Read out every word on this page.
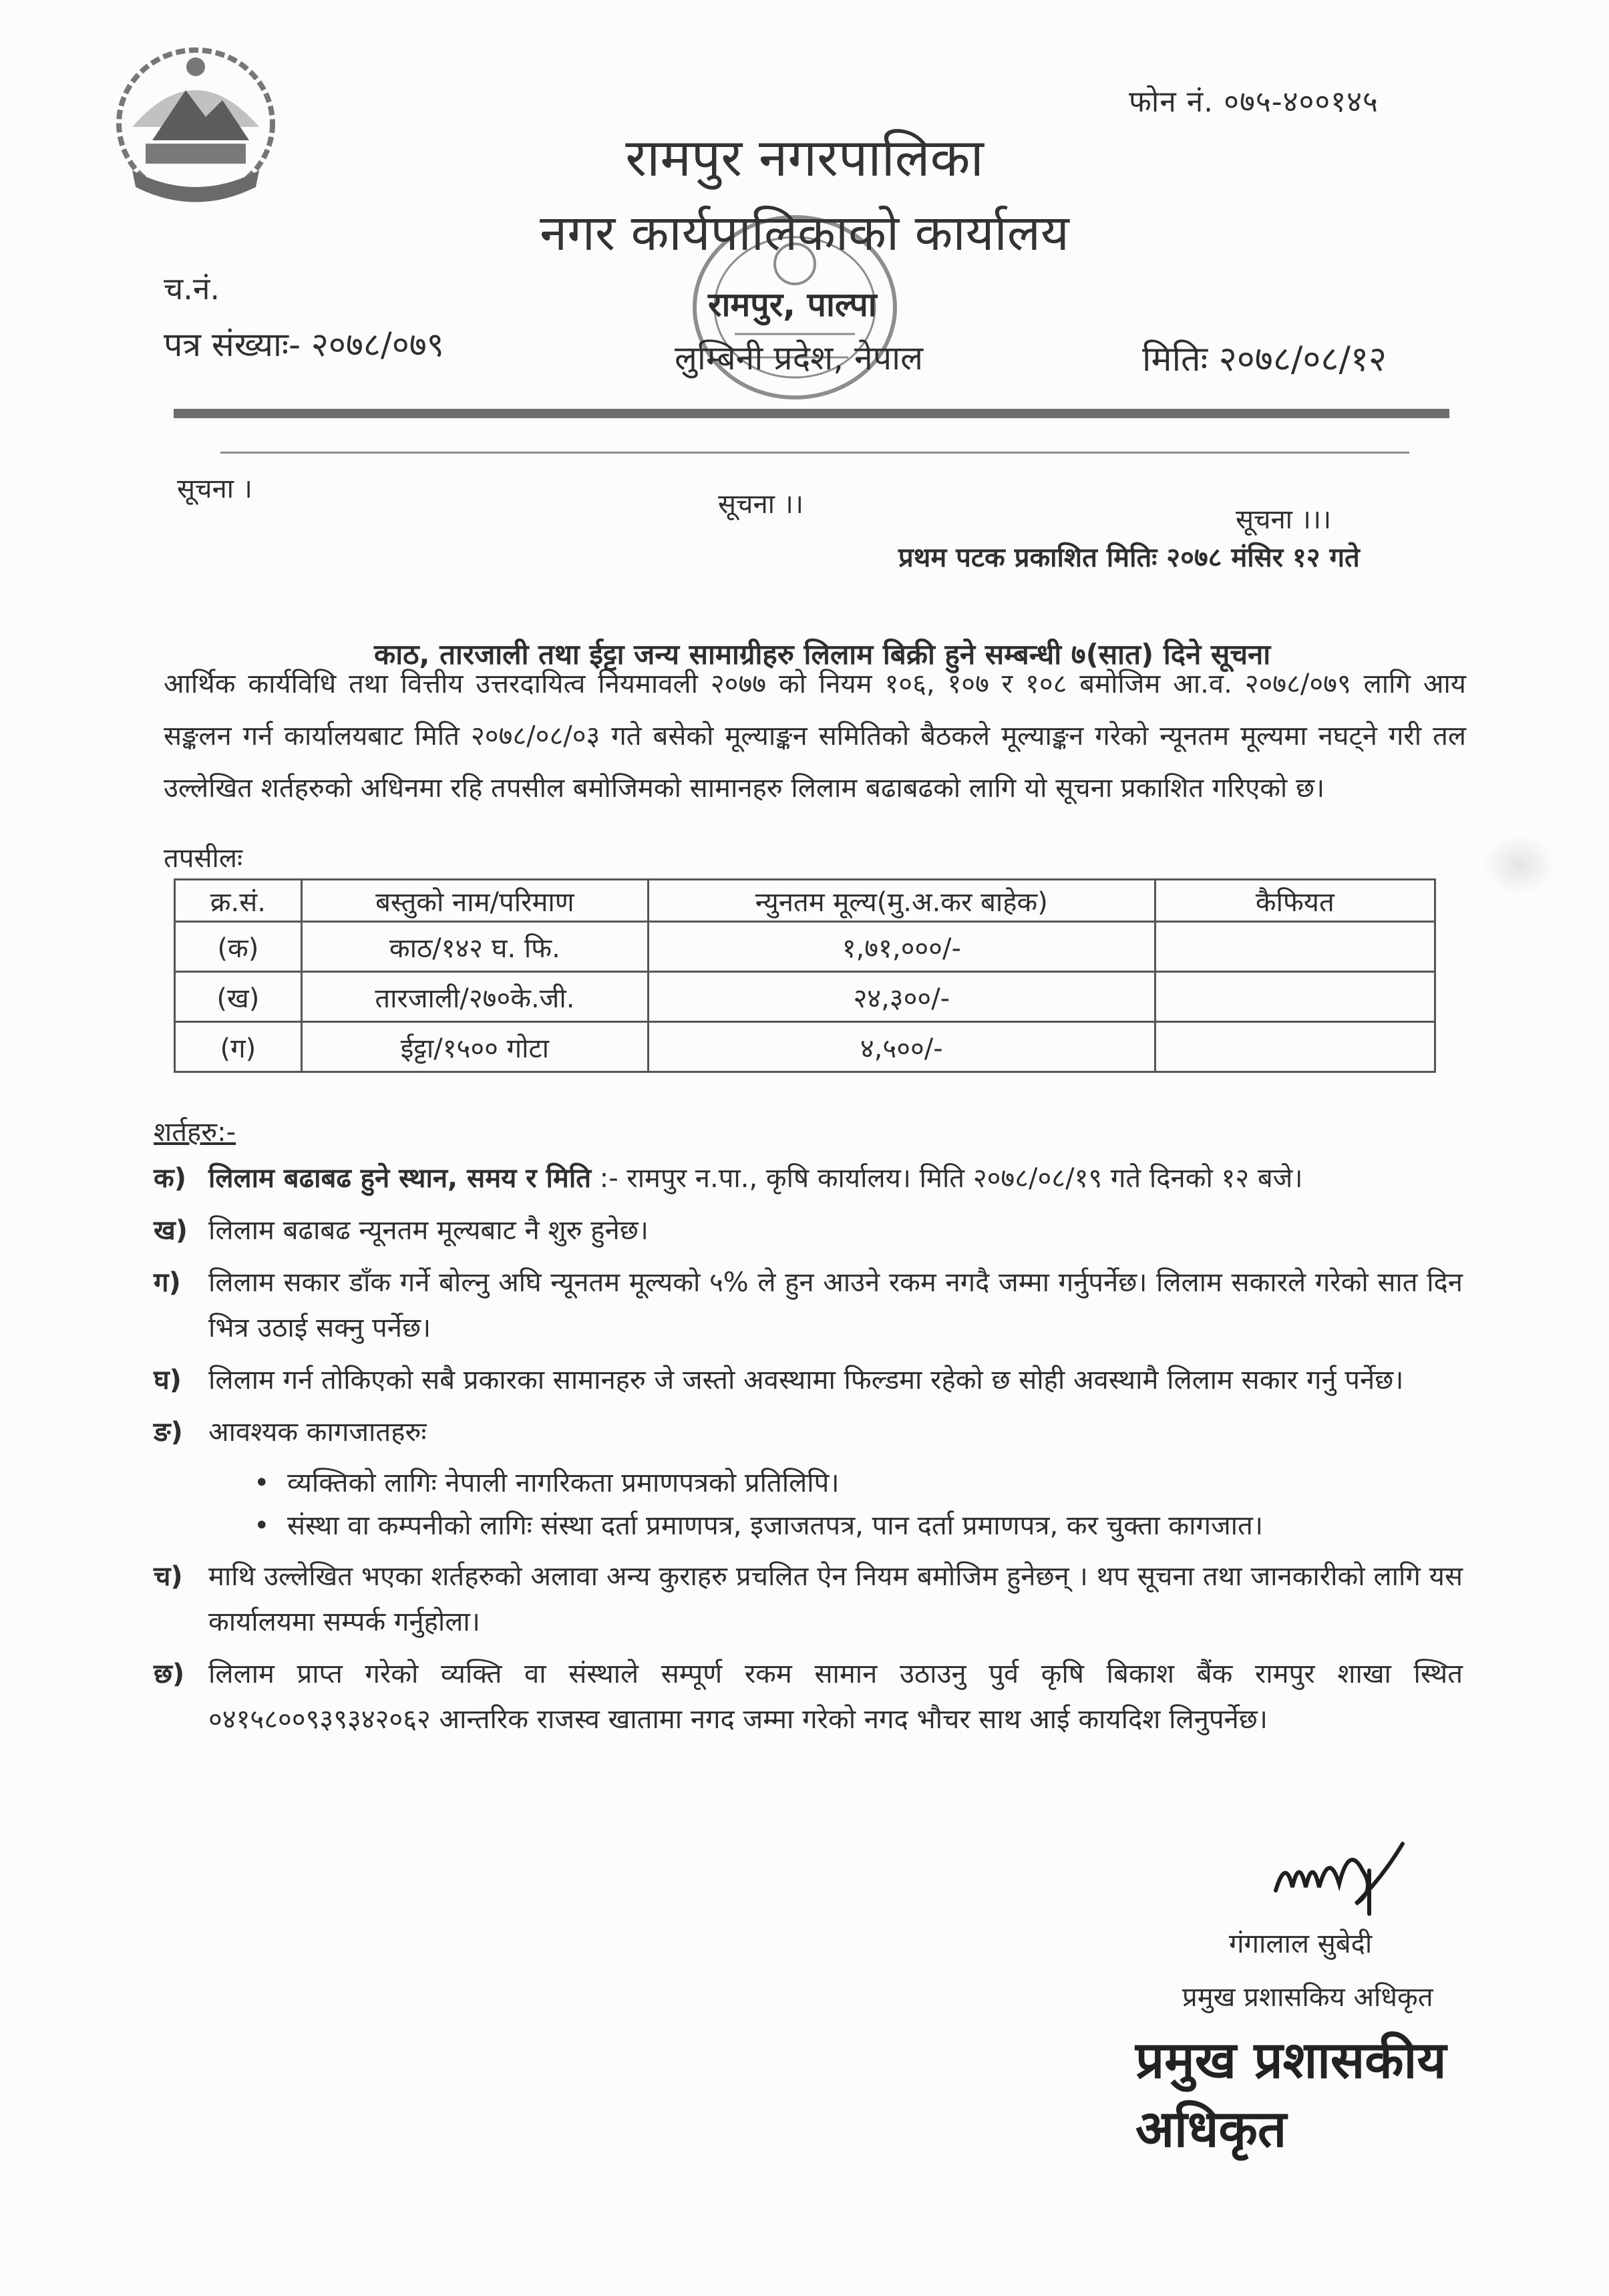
फोन नं. ०७५-४००१४५
रामपुर नगरपालिका
नगर कार्यपालिकाको कार्यालय
च.नं.
पत्र संख्याः- २०७८/०७९
रामपुर, पाल्पा
लुम्बिनी प्रदेश, नेपाल	मितिः २०७८/०८/१२
सूचना ।	सूचना ।।	सूचना ।।।
प्रथम पटक प्रकाशित मितिः २०७८ मंसिर १२ गते
काठ, तारजाली तथा ईट्टा जन्य सामाग्रीहरु लिलाम बिक्री हुने सम्बन्धी ७(सात) दिने सूचना
आर्थिक कार्यविधि तथा वित्तीय उत्तरदायित्व नियमावली २०७७ को नियम १०६, १०७ र १०८ बमोजिम आ.व. २०७८/०७९ लागि आय सङ्कलन गर्न कार्यालयबाट मिति २०७८/०८/०३ गते बसेको मूल्याङ्कन समितिको बैठकले मूल्याङ्कन गरेको न्यूनतम मूल्यमा नघट्ने गरी तल उल्लेखित शर्तहरुको अधिनमा रहि तपसील बमोजिमको सामानहरु लिलाम बढाबढको लागि यो सूचना प्रकाशित गरिएको छ।
तपसीलः
क्र.सं.	बस्तुको नाम/परिमाण	न्युनतम मूल्य(मु.अ.कर बाहेक)	कैफियत
(क)	काठ/१४२ घ. फि.	१,७१,०००/-	
(ख)	तारजाली/२७०के.जी.	२४,३००/-	
(ग)	ईट्टा/१५०० गोटा	४,५००/-	
शर्तहरु:-
क) लिलाम बढाबढ हुने स्थान, समय र मिति :- रामपुर न.पा., कृषि कार्यालय। मिति २०७८/०८/१९ गते दिनको १२ बजे।
ख) लिलाम बढाबढ न्यूनतम मूल्यबाट नै शुरु हुनेछ।
ग) लिलाम सकार डाँक गर्ने बोल्नु अघि न्यूनतम मूल्यको ५% ले हुन आउने रकम नगदै जम्मा गर्नुपर्नेछ। लिलाम सकारले गरेको सात दिन भित्र उठाई सक्नु पर्नेछ।
घ) लिलाम गर्न तोकिएको सबै प्रकारका सामानहरु जे जस्तो अवस्थामा फिल्डमा रहेको छ सोही अवस्थामै लिलाम सकार गर्नु पर्नेछ।
ङ) आवश्यक कागजातहरुः
• व्यक्तिको लागिः नेपाली नागरिकता प्रमाणपत्रको प्रतिलिपि।
• संस्था वा कम्पनीको लागिः संस्था दर्ता प्रमाणपत्र, इजाजतपत्र, पान दर्ता प्रमाणपत्र, कर चुक्ता कागजात।
च) माथि उल्लेखित भएका शर्तहरुको अलावा अन्य कुराहरु प्रचलित ऐन नियम बमोजिम हुनेछन् । थप सूचना तथा जानकारीको लागि यस कार्यालयमा सम्पर्क गर्नुहोला।
छ) लिलाम प्राप्त गरेको व्यक्ति वा संस्थाले सम्पूर्ण रकम सामान उठाउनु पुर्व कृषि बिकाश बैंक रामपुर शाखा स्थित ०४१५८००९३९३४२०६२ आन्तरिक राजस्व खातामा नगद जम्मा गरेको नगद भौचर साथ आई कायदिश लिनुपर्नेछ।
गंगालाल सुबेदी
प्रमुख प्रशासकिय अधिकृत
प्रमुख प्रशासकीय अधिकृत
